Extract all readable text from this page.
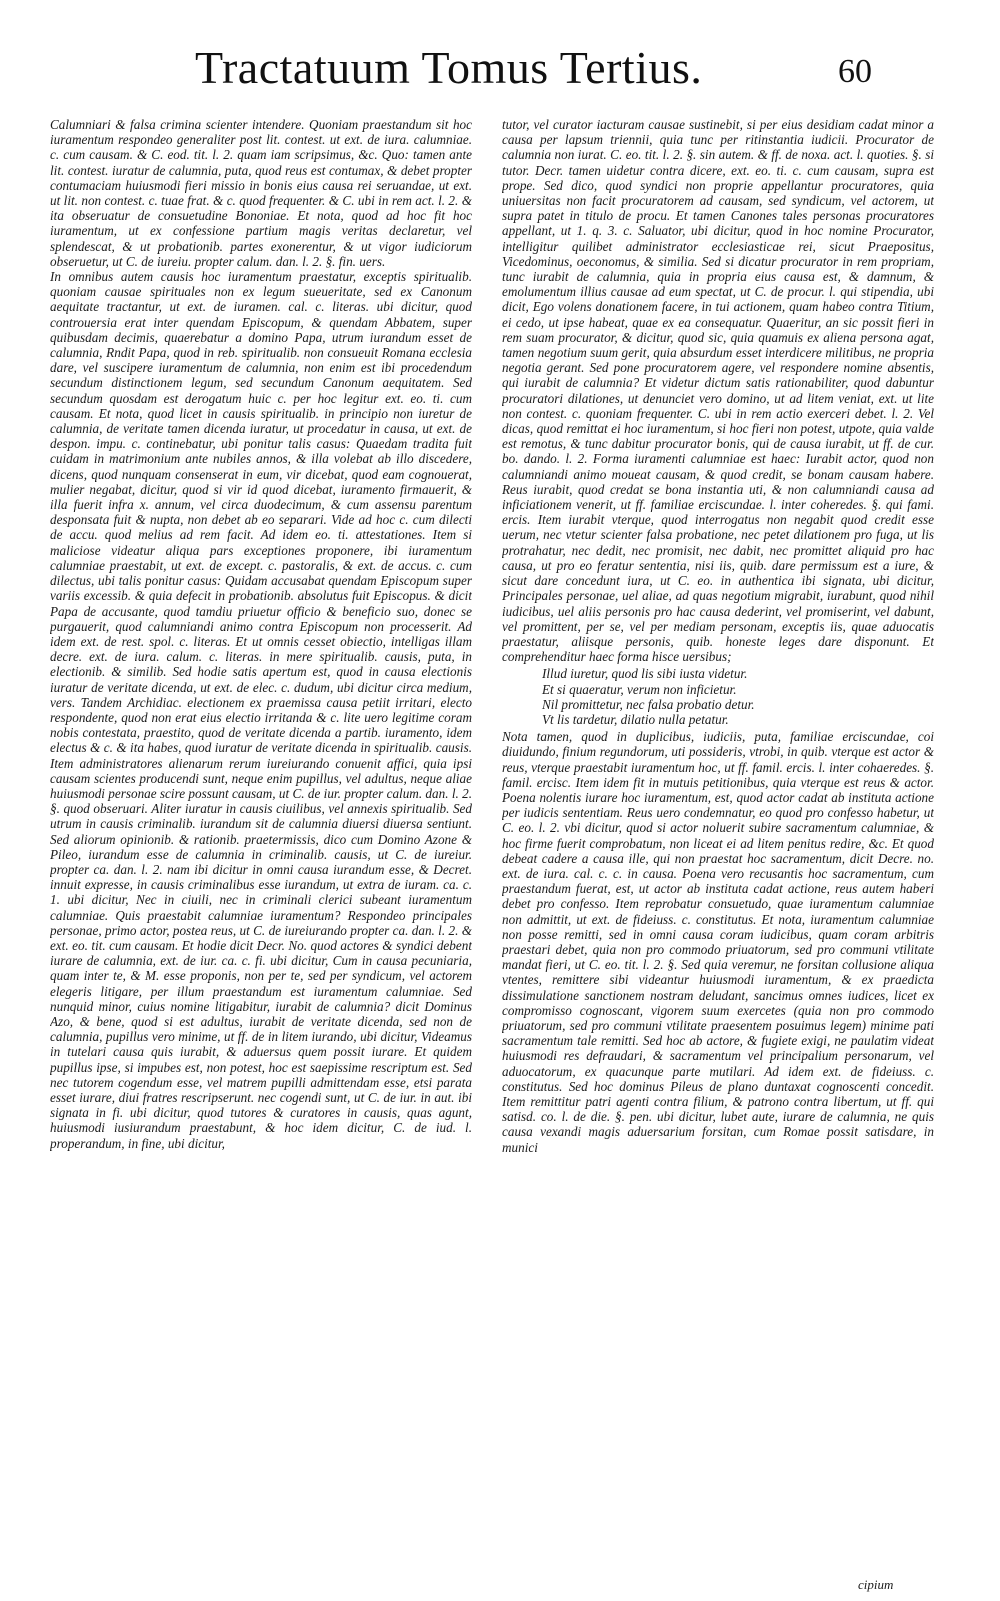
Tractatuum Tomus Tertius.	60

Calumniari & falsa crimina scienter intendere. Quoniam praestandum sit hoc iuramentum respondeo generaliter post lit. contest. ut ext. de iura. calumniae. c. cum causam. & C. eod. tit. l. 2. quam iam scripsimus, &c. Quo: tamen ante lit. contest. iuratur de calumnia, puta, quod reus est contumax, & debet propter contumaciam huiusmodi fieri missio in bonis eius causa rei seruandae, ut ext. ut lit. non contest. c. tuae frat. & c. quod frequenter. & C. ubi in rem act. l. 2. & ita obseruatur de consuetudine Bononiae. Et nota, quod ad hoc fit hoc iuramentum, ut ex confessione partium magis veritas declaretur, vel splendescat, & ut probationib. partes exonerentur, & ut vigor iudiciorum obseruetur, ut C. de iureiu. propter calum. dan. l. 2. §. fin. uers.

In omnibus autem causis hoc iuramentum praestatur, exceptis spiritualib. quoniam causae spirituales non ex legum sueueritate, sed ex Canonum aequitate tractantur, ut ext. de iuramen. cal. c. literas. ubi dicitur, quod controuersia erat inter quendam Episcopum, & quendam Abbatem, super quibusdam decimis, quaerebatur a domino Papa, utrum iurandum esset de calumnia, Rndit Papa, quod in reb. spiritualib. non consueuit Romana ecclesia dare, vel suscipere iuramentum de calumnia, non enim est ibi procedendum secundum distinctionem legum, sed secundum Canonum aequitatem. Sed secundum quosdam est derogatum huic c. per hoc legitur ext. eo. ti. cum causam. Et nota, quod licet in causis spiritualib. in principio non iuretur de calumnia, de veritate tamen dicenda iuratur, ut procedatur in causa, ut ext. de despon. impu. c. continebatur, ubi ponitur talis casus: Quaedam tradita fuit cuidam in matrimonium ante nubiles annos, & illa volebat ab illo discedere, dicens, quod nunquam consenserat in eum, vir dicebat, quod eam cognouerat, mulier negabat, dicitur, quod si vir id quod dicebat, iuramento firmauerit, & illa fuerit infra x. annum, vel circa duodecimum, & cum assensu parentum desponsata fuit & nupta, non debet ab eo separari. Vide ad hoc c. cum dilecti de accu. quod melius ad rem facit. Ad idem eo. ti. attestationes. Item si maliciose videatur aliqua pars exceptiones proponere, ibi iuramentum calumniae praestabit, ut ext. de except. c. pastoralis, & ext. de accus. c. cum dilectus, ubi talis ponitur casus: Quidam accusabat quendam Episcopum super variis excessib. & quia defecit in probationib. absolutus fuit Episcopus. & dicit Papa de accusante, quod tamdiu priuetur officio & beneficio suo, donec se purgauerit, quod calumniandi animo contra Episcopum non processerit. Ad idem ext. de rest. spol. c. literas. Et ut omnis cesset obiectio, intelligas illam decre. ext. de iura. calum. c. literas. in mere spiritualib. causis, puta, in electionib. & similib. Sed hodie satis apertum est, quod in causa electionis iuratur de veritate dicenda, ut ext. de elec. c. dudum, ubi dicitur circa medium, vers. Tandem Archidiac. electionem ex praemissa causa petiit irritari, electo respondente, quod non erat eius electio irritanda & c. lite uero legitime coram nobis contestata, praestito, quod de veritate dicenda a partib. iuramento, idem electus & c. & ita habes, quod iuratur de veritate dicenda in spiritualib. causis. Item administratores alienarum rerum iureiurando conuenit affici, quia ipsi causam scientes producendi sunt, neque enim pupillus, vel adultus, neque aliae huiusmodi personae scire possunt causam, ut C. de iur. propter calum. dan. l. 2. §. quod obseruari. Aliter iuratur in causis ciuilibus, vel annexis spiritualib. Sed utrum in causis criminalib. iurandum sit de calumnia diuersi diuersa sentiunt. Sed aliorum opinionib. & rationib. praetermissis, dico cum Domino Azone & Pileo, iurandum esse de calumnia in criminalib. causis, ut C. de iureiur. propter ca. dan. l. 2. nam ibi dicitur in omni causa iurandum esse, & Decret. innuit expresse, in causis criminalibus esse iurandum, ut extra de iuram. ca. c. 1. ubi dicitur, Nec in ciuili, nec in criminali clerici subeant iuramentum calumniae. Quis praestabit calumniae iuramentum? Respondeo principales personae, primo actor, postea reus, ut C. de iureiurando propter ca. dan. l. 2. & ext. eo. tit. cum causam. Et hodie dicit Decr. No. quod actores & syndici debent iurare de calumnia, ext. de iur. ca. c. fi. ubi dicitur, Cum in causa pecuniaria, quam inter te, & M. esse proponis, non per te, sed per syndicum, vel actorem elegeris litigare, per illum praestandum est iuramentum calumniae. Sed nunquid minor, cuius nomine litigabitur, iurabit de calumnia? dicit Dominus Azo, & bene, quod si est adultus, iurabit de veritate dicenda, sed non de calumnia, pupillus vero minime, ut ff. de in litem iurando, ubi dicitur, Videamus in tutelari causa quis iurabit, & aduersus quem possit iurare. Et quidem pupillus ipse, si impubes est, non potest, hoc est saepissime rescriptum est. Sed nec tutorem cogendum esse, vel matrem pupilli admittendam esse, etsi parata esset iurare, diui fratres rescripserunt. nec cogendi sunt, ut C. de iur. in aut. ibi signata in fi. ubi dicitur, quod tutores & curatores in causis, quas agunt, huiusmodi iusiurandum praestabunt, & hoc idem dicitur, C. de iud. l. properandum, in fine, ubi dicitur,

tutor, vel curator iacturam causae sustinebit, si per eius desidiam cadat minor a causa per lapsum triennii, quia tunc per ritinstantia iudicii. Procurator de calumnia non iurat. C. eo. tit. l. 2. §. sin autem. & ff. de noxa. act. l. quoties. §. si tutor. Decr. tamen uidetur contra dicere, ext. eo. ti. c. cum causam, supra est prope. Sed dico, quod syndici non proprie appellantur procuratores, quia uniuersitas non facit procuratorem ad causam, sed syndicum, vel actorem, ut supra patet in titulo de procu. Et tamen Canones tales personas procuratores appellant, ut 1. q. 3. c. Saluator, ubi dicitur, quod in hoc nomine Procurator, intelligitur quilibet administrator ecclesiasticae rei, sicut Praepositus, Vicedominus, oeconomus, & similia. Sed si dicatur procurator in rem propriam, tunc iurabit de calumnia, quia in propria eius causa est, & damnum, & emolumentum illius causae ad eum spectat, ut C. de procur. l. qui stipendia, ubi dicit, Ego volens donationem facere, in tui actionem, quam habeo contra Titium, ei cedo, ut ipse habeat, quae ex ea consequatur. Quaeritur, an sic possit fieri in rem suam procurator, & dicitur, quod sic, quia quamuis ex aliena persona agat, tamen negotium suum gerit, quia absurdum esset interdicere militibus, ne propria negotia gerant. Sed pone procuratorem agere, vel respondere nomine absentis, qui iurabit de calumnia? Et videtur dictum satis rationabiliter, quod dabuntur procuratori dilationes, ut denunciet vero domino, ut ad litem veniat, ext. ut lite non contest. c. quoniam frequenter. C. ubi in rem actio exerceri debet. l. 2. Vel dicas, quod remittat ei hoc iuramentum, si hoc fieri non potest, utpote, quia valde est remotus, & tunc dabitur procurator bonis, qui de causa iurabit, ut ff. de cur. bo. dando. l. 2. Forma iuramenti calumniae est haec: Iurabit actor, quod non calumniandi animo moueat causam, & quod credit, se bonam causam habere. Reus iurabit, quod credat se bona instantia uti, & non calumniandi causa ad inficiationem venerit, ut ff. familiae erciscundae. l. inter coheredes. §. qui fami. ercis. Item iurabit vterque, quod interrogatus non negabit quod credit esse uerum, nec vtetur scienter falsa probatione, nec petet dilationem pro fuga, ut lis protrahatur, nec dedit, nec promisit, nec dabit, nec promittet aliquid pro hac causa, ut pro eo feratur sententia, nisi iis, quib. dare permissum est a iure, & sicut dare concedunt iura, ut C. eo. in authentica ibi signata, ubi dicitur, Principales personae, uel aliae, ad quas negotium migrabit, iurabunt, quod nihil iudicibus, uel aliis personis pro hac causa dederint, vel promiserint, vel dabunt, vel promittent, per se, vel per mediam personam, exceptis iis, quae aduocatis praestatur, aliisque personis, quib. honeste leges dare disponunt. Et comprehenditur haec forma hisce uersibus;

Illud iuretur, quod lis sibi iusta videtur.
Et si quaeratur, verum non inficietur.
Nil promittetur, nec falsa probatio detur.
Vt lis tardetur, dilatio nulla petatur.

Nota tamen, quod in duplicibus, iudiciis, puta, familiae erciscundae, coi diuidundo, finium regundorum, uti possideris, vtrobi, in quib. vterque est actor & reus, vterque praestabit iuramentum hoc, ut ff. famil. ercis. l. inter cohaeredes. §. famil. ercisc. Item idem fit in mutuis petitionibus, quia vterque est reus & actor. Poena nolentis iurare hoc iuramentum, est, quod actor cadat ab instituta actione per iudicis sententiam. Reus uero condemnatur, eo quod pro confesso habetur, ut C. eo. l. 2. vbi dicitur, quod si actor noluerit subire sacramentum calumniae, & hoc firme fuerit comprobatum, non liceat ei ad litem penitus redire, &c. Et quod debeat cadere a causa ille, qui non praestat hoc sacramentum, dicit Decre. no. ext. de iura. cal. c. c. in causa. Poena vero recusantis hoc sacramentum, cum praestandum fuerat, est, ut actor ab instituta cadat actione, reus autem haberi debet pro confesso. Item reprobatur consuetudo, quae iuramentum calumniae non admittit, ut ext. de fideiuss. c. constitutus. Et nota, iuramentum calumniae non posse remitti, sed in omni causa coram iudicibus, quam coram arbitris praestari debet, quia non pro commodo priuatorum, sed pro communi vtilitate mandat fieri, ut C. eo. tit. l. 2. §. Sed quia veremur, ne forsitan collusione aliqua vtentes, remittere sibi videantur huiusmodi iuramentum, & ex praedicta dissimulatione sanctionem nostram deludant, sancimus omnes iudices, licet ex compromisso cognoscant, vigorem suum exercetes (quia non pro commodo priuatorum, sed pro communi vtilitate praesentem posuimus legem) minime pati sacramentum tale remitti. Sed hoc ab actore, & fugiete exigi, ne paulatim videat huiusmodi res defraudari, & sacramentum vel principalium personarum, vel aduocatorum, ex quacunque parte mutilari. Ad idem ext. de fideiuss. c. constitutus. Sed hoc dominus Pileus de plano duntaxat cognoscenti concedit. Item remittitur patri agenti contra filium, & patrono contra libertum, ut ff. qui satisd. co. l. de die. §. pen. ubi dicitur, lubet aute, iurare de calumnia, ne quis causa vexandi magis aduersarium forsitan, cum Romae possit satisdare, in munici

cipium
